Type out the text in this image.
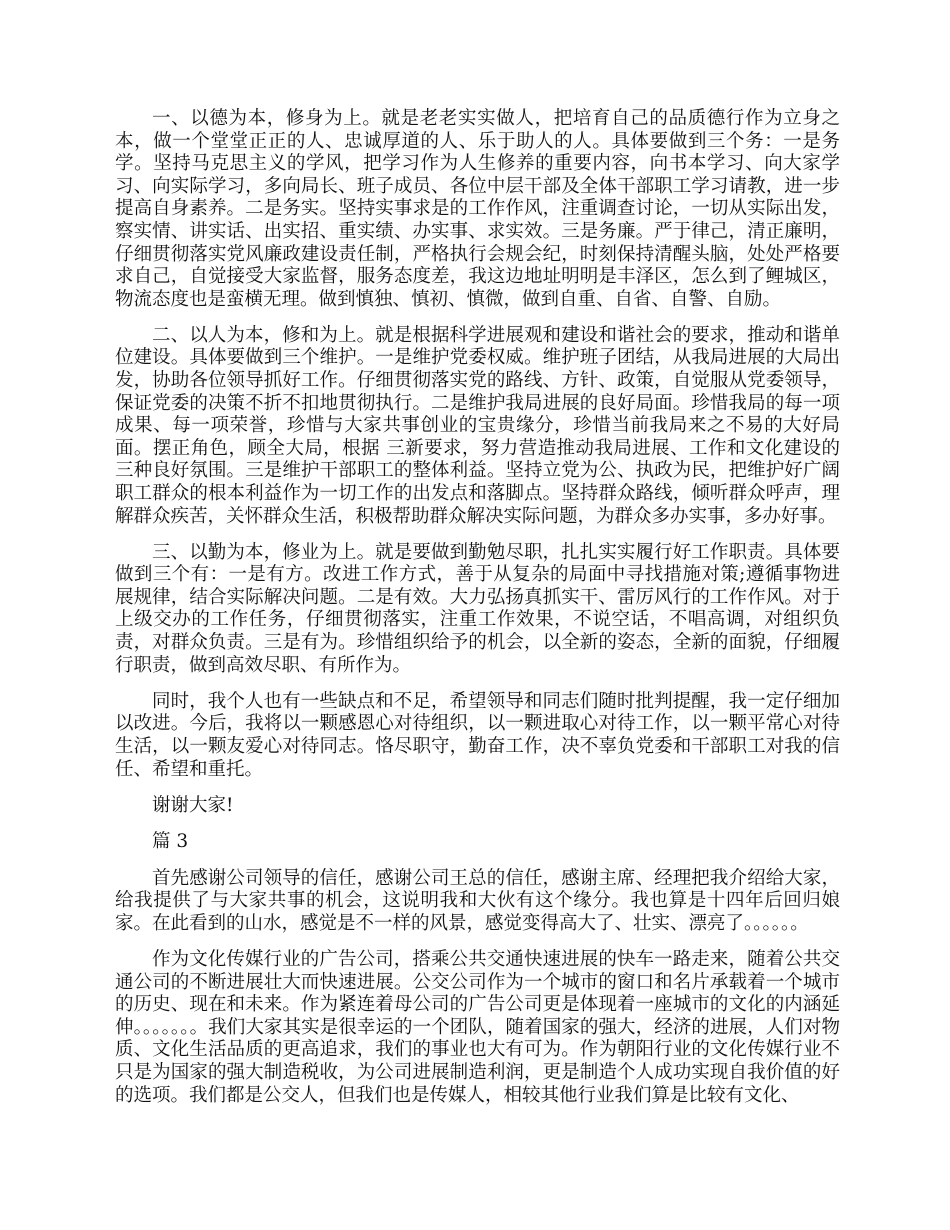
一、以德为本，修身为上。就是老老实实做人，把培育自己的品质德行作为立身之本，做一个堂堂正正的人、忠诚厚道的人、乐于助人的人。具体要做到三个务：一是务学。坚持马克思主义的学风，把学习作为人生修养的重要内容，向书本学习、向大家学习、向实际学习，多向局长、班子成员、各位中层干部及全体干部职工学习请教，进一步提高自身素养。二是务实。坚持实事求是的工作作风，注重调查讨论，一切从实际出发，察实情、讲实话、出实招、重实绩、办实事、求实效。三是务廉。严于律己，清正廉明，仔细贯彻落实党风廉政建设责任制，严格执行会规会纪，时刻保持清醒头脑，处处严格要求自己，自觉接受大家监督，服务态度差，我这边地址明明是丰泽区，怎么到了鲤城区，物流态度也是蛮横无理。做到慎独、慎初、慎微，做到自重、自省、自警、自励。

二、以人为本，修和为上。就是根据科学进展观和建设和谐社会的要求，推动和谐单位建设。具体要做到三个维护。一是维护党委权威。维护班子团结，从我局进展的大局出发，协助各位领导抓好工作。仔细贯彻落实党的路线、方针、政策，自觉服从党委领导，保证党委的决策不折不扣地贯彻执行。二是维护我局进展的良好局面。珍惜我局的每一项成果、每一项荣誉，珍惜与大家共事创业的宝贵缘分，珍惜当前我局来之不易的大好局面。摆正角色，顾全大局，根据 三新要求，努力营造推动我局进展、工作和文化建设的三种良好氛围。三是维护干部职工的整体利益。坚持立党为公、执政为民，把维护好广阔职工群众的根本利益作为一切工作的出发点和落脚点。坚持群众路线，倾听群众呼声，理解群众疾苦，关怀群众生活，积极帮助群众解决实际问题，为群众多办实事，多办好事。

三、以勤为本，修业为上。就是要做到勤勉尽职，扎扎实实履行好工作职责。具体要做到三个有：一是有方。改进工作方式，善于从复杂的局面中寻找措施对策;遵循事物进展规律，结合实际解决问题。二是有效。大力弘扬真抓实干、雷厉风行的工作作风。对于上级交办的工作任务，仔细贯彻落实，注重工作效果，不说空话，不唱高调，对组织负责，对群众负责。三是有为。珍惜组织给予的机会，以全新的姿态，全新的面貌，仔细履行职责，做到高效尽职、有所作为。

同时，我个人也有一些缺点和不足，希望领导和同志们随时批判提醒，我一定仔细加以改进。今后，我将以一颗感恩心对待组织，以一颗进取心对待工作，以一颗平常心对待生活，以一颗友爱心对待同志。恪尽职守，勤奋工作，决不辜负党委和干部职工对我的信任、希望和重托。

谢谢大家!

篇 3

首先感谢公司领导的信任，感谢公司王总的信任，感谢主席、经理把我介绍给大家，给我提供了与大家共事的机会，这说明我和大伙有这个缘分。我也算是十四年后回归娘家。在此看到的山水，感觉是不一样的风景，感觉变得高大了、壮实、漂亮了。。。。。。

作为文化传媒行业的广告公司，搭乘公共交通快速进展的快车一路走来，随着公共交通公司的不断进展壮大而快速进展。公交公司作为一个城市的窗口和名片承载着一个城市的历史、现在和未来。作为紧连着母公司的广告公司更是体现着一座城市的文化的内涵延伸。。。。。。。我们大家其实是很幸运的一个团队，随着国家的强大，经济的进展，人们对物质、文化生活品质的更高追求，我们的事业也大有可为。作为朝阳行业的文化传媒行业不只是为国家的强大制造税收，为公司进展制造利润，更是制造个人成功实现自我价值的好的选项。我们都是公交人，但我们也是传媒人，相较其他行业我们算是比较有文化、
